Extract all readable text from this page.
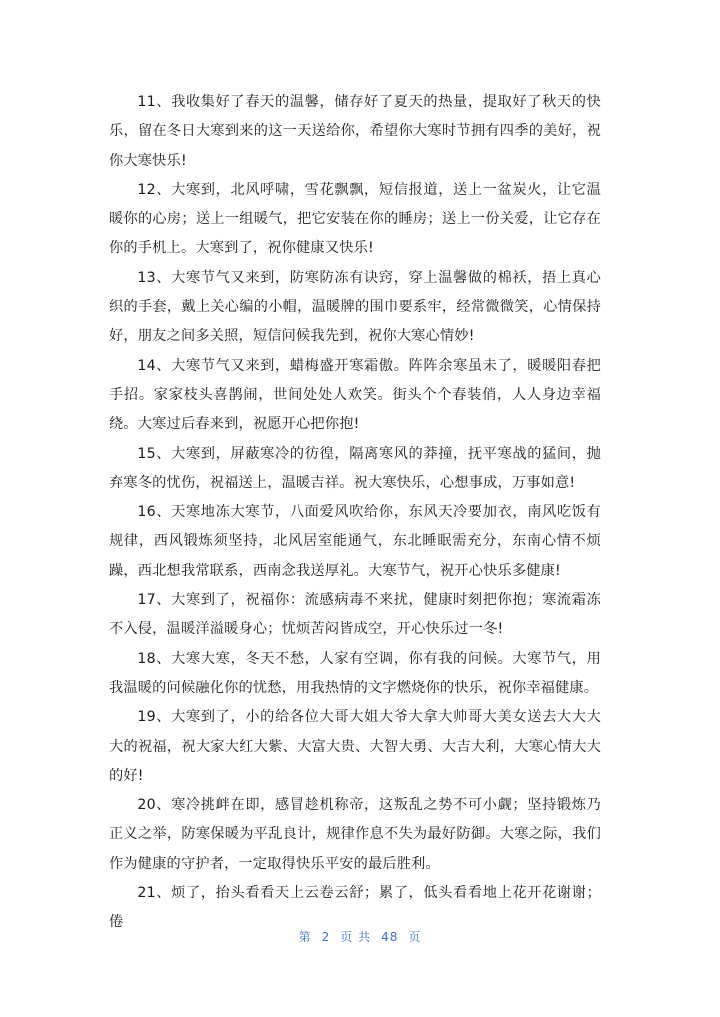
11、我收集好了春天的温馨，储存好了夏天的热量，提取好了秋天的快乐，留在冬日大寒到来的这一天送给你，希望你大寒时节拥有四季的美好，祝你大寒快乐!

12、大寒到，北风呼啸，雪花飘飘，短信报道，送上一盆炭火，让它温暖你的心房；送上一组暖气，把它安装在你的睡房；送上一份关爱，让它存在你的手机上。大寒到了，祝你健康又快乐!

13、大寒节气又来到，防寒防冻有诀窍，穿上温馨做的棉袄，捂上真心织的手套，戴上关心编的小帽，温暖牌的围巾要系牢，经常微微笑，心情保持好，朋友之间多关照，短信问候我先到，祝你大寒心情妙!

14、大寒节气又来到，蜡梅盛开寒霜傲。阵阵余寒虽未了，暖暖阳春把手招。家家枝头喜鹊闹，世间处处人欢笑。街头个个春装俏，人人身边幸福绕。大寒过后春来到，祝愿开心把你抱!

15、大寒到，屏蔽寒冷的彷徨，隔离寒风的莽撞，抚平寒战的猛间，抛弃寒冬的忧伤，祝福送上，温暖吉祥。祝大寒快乐，心想事成，万事如意!

16、天寒地冻大寒节，八面爱风吹给你，东风天冷要加衣，南风吃饭有规律，西风锻炼须坚持，北风居室能通气，东北睡眠需充分，东南心情不烦躁，西北想我常联系，西南念我送厚礼。大寒节气，祝开心快乐多健康!

17、大寒到了，祝福你：流感病毒不来扰，健康时刻把你抱；寒流霜冻不入侵，温暖洋溢暖身心；忧烦苦闷皆成空，开心快乐过一冬!

18、大寒大寒，冬天不愁，人家有空调，你有我的问候。大寒节气，用我温暖的问候融化你的忧愁，用我热情的文字燃烧你的快乐，祝你幸福健康。

19、大寒到了，小的给各位大哥大姐大爷大拿大帅哥大美女送去大大大大的祝福，祝大家大红大紫、大富大贵、大智大勇、大吉大利，大寒心情大大的好!

20、寒冷挑衅在即，感冒趁机称帝，这叛乱之势不可小觑；坚持锻炼乃正义之举，防寒保暖为平乱良计，规律作息不失为最好防御。大寒之际，我们作为健康的守护者，一定取得快乐平安的最后胜利。

21、烦了，抬头看看天上云卷云舒；累了，低头看看地上花开花谢谢；倦

第 2 页 共 48 页
